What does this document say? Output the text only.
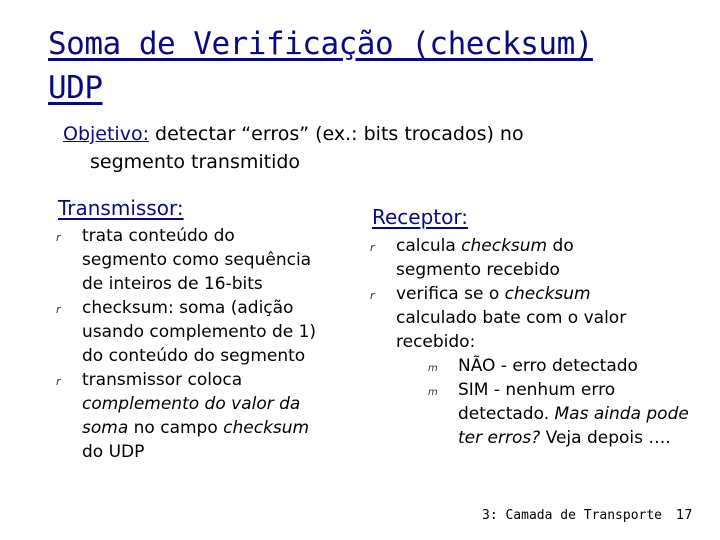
Soma de Verificação (checksum)
UDP
Objetivo: detectar “erros” (ex.: bits trocados) no
segmento transmitido
Transmissor:
r trata conteúdo do
segmento como sequência
de inteiros de 16-bits
r checksum: soma (adição
usando complemento de 1)
do conteúdo do segmento
r transmissor coloca
complemento do valor da
soma no campo checksum
do UDP
Receptor:
r calcula checksum do
segmento recebido
r verifica se o checksum
calculado bate com o valor
recebido:
m NÃO - erro detectado
m SIM - nenhum erro
detectado. Mas ainda pode
ter erros? Veja depois ….
3: Camada de Transporte 17
